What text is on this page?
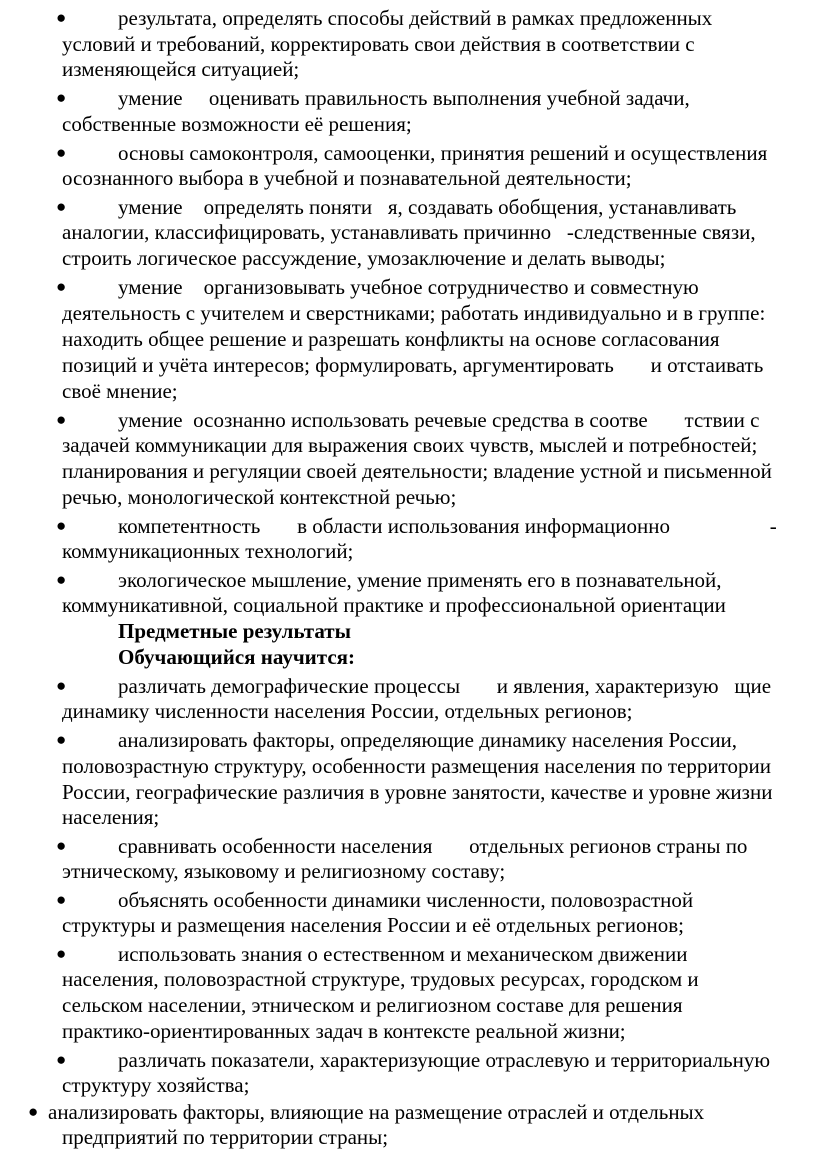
● результата, определять способы действий в рамках предложенных
условий и требований, корректировать свои действия в соответствии с
изменяющейся ситуацией;
● умение     оценивать правильность выполнения учебной задачи,
собственные возможности её решения;
● основы самоконтроля, самооценки, принятия решений и осуществления
осознанного выбора в учебной и познавательной деятельности;
● умение    определять поняти   я, создавать обобщения, устанавливать
аналогии, классифицировать, устанавливать причинно   -следственные связи,
строить логическое рассуждение, умозаключение и делать выводы;
● умение    организовывать учебное сотрудничество и совместную
деятельность с учителем и сверстниками; работать индивидуально и в группе:
находить общее решение и разрешать конфликты на основе согласования
позиций и учёта интересов; формулировать, аргументировать       и отстаивать
своё мнение;
● умение  осознанно использовать речевые средства в соотве       тствии с
задачей коммуникации для выражения своих чувств, мыслей и потребностей;
планирования и регуляции своей деятельности; владение устной и письменной
речью, монологической контекстной речью;
● компетентность       в области использования информационно                   -
коммуникационных технологий;
● экологическое мышление, умение применять его в познавательной,
коммуникативной, социальной практике и профессиональной ориентации
Предметные результаты
Обучающийся научится:
● различать демографические процессы       и явления, характеризую   щие
динамику численности населения России, отдельных регионов;
● анализировать факторы, определяющие динамику населения России,
половозрастную структуру, особенности размещения населения по территории
России, географические различия в уровне занятости, качестве и уровне жизни
населения;
● сравнивать особенности населения       отдельных регионов страны по
этническому, языковому и религиозному составу;
● объяснять особенности динамики численности, половозрастной
структуры и размещения населения России и её отдельных регионов;
● использовать знания о естественном и механическом движении
населения, половозрастной структуре, трудовых ресурсах, городском и
сельском населении, этническом и религиозном составе для решения
практико-ориентированных задач в контексте реальной жизни;
● различать показатели, характеризующие отраслевую и территориальную
структуру хозяйства;
● анализировать факторы, влияющие на размещение отраслей и отдельных
предприятий по территории страны;
